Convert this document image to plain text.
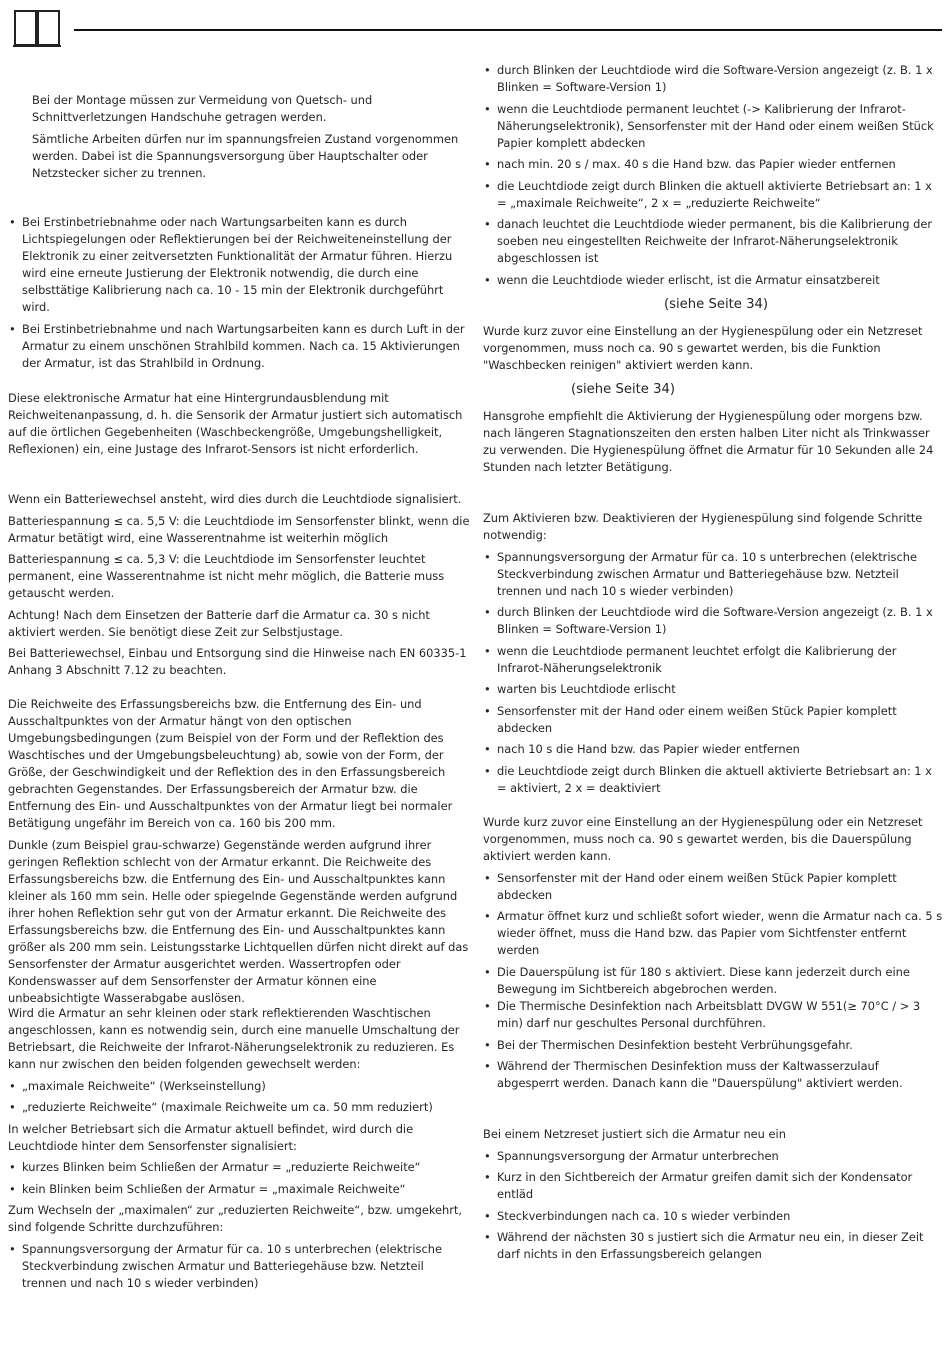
Bei der Montage müssen zur Vermeidung von Quetsch- und Schnittverletzungen Handschuhe getragen werden.

Sämtliche Arbeiten dürfen nur im spannungsfreien Zustand vorgenommen werden. Dabei ist die Spannungsversorgung über Hauptschalter oder Netzstecker sicher zu trennen.

• Bei Erstinbetriebnahme oder nach Wartungsarbeiten kann es durch Lichtspiegelungen oder Reflektierungen bei der Reichweiteneinstellung der Elektronik zu einer zeitversetzten Funktionalität der Armatur führen. Hierzu wird eine erneute Justierung der Elektronik notwendig, die durch eine selbsttätige Kalibrierung nach ca. 10 - 15 min der Elektronik durchgeführt wird.
• Bei Erstinbetriebnahme und nach Wartungsarbeiten kann es durch Luft in der Armatur zu einem unschönen Strahlbild kommen. Nach ca. 15 Aktivierungen der Armatur, ist das Strahlbild in Ordnung.

Diese elektronische Armatur hat eine Hintergrundausblendung mit Reichweitenanpassung, d. h. die Sensorik der Armatur justiert sich automatisch auf die örtlichen Gegebenheiten (Waschbeckengröße, Umgebungshelligkeit, Reflexionen) ein, eine Justage des Infrarot-Sensors ist nicht erforderlich.

Wenn ein Batteriewechsel ansteht, wird dies durch die Leuchtdiode signalisiert.

Batteriespannung ≤ ca. 5,5 V: die Leuchtdiode im Sensorfenster blinkt, wenn die Armatur betätigt wird, eine Wasserentnahme ist weiterhin möglich

Batteriespannung ≤ ca. 5,3 V: die Leuchtdiode im Sensorfenster leuchtet permanent, eine Wasserentnahme ist nicht mehr möglich, die Batterie muss getauscht werden.

Achtung! Nach dem Einsetzen der Batterie darf die Armatur ca. 30 s nicht aktiviert werden. Sie benötigt diese Zeit zur Selbstjustage.

Bei Batteriewechsel, Einbau und Entsorgung sind die Hinweise nach EN 60335-1 Anhang 3 Abschnitt 7.12 zu beachten.

Die Reichweite des Erfassungsbereichs bzw. die Entfernung des Ein- und Ausschaltpunktes von der Armatur hängt von den optischen Umgebungsbedingungen (zum Beispiel von der Form und der Reflektion des Waschtisches und der Umgebungsbeleuchtung) ab, sowie von der Form, der Größe, der Geschwindigkeit und der Reflektion des in den Erfassungsbereich gebrachten Gegenstandes. Der Erfassungsbereich der Armatur bzw. die Entfernung des Ein- und Ausschaltpunktes von der Armatur liegt bei normaler Betätigung ungefähr im Bereich von ca. 160 bis 200 mm.

Dunkle (zum Beispiel grau-schwarze) Gegenstände werden aufgrund ihrer geringen Reflektion schlecht von der Armatur erkannt. Die Reichweite des Erfassungsbereichs bzw. die Entfernung des Ein- und Ausschaltpunktes kann kleiner als 160 mm sein. Helle oder spiegelnde Gegenstände werden aufgrund ihrer hohen Reflektion sehr gut von der Armatur erkannt. Die Reichweite des Erfassungsbereichs bzw. die Entfernung des Ein- und Ausschaltpunktes kann größer als 200 mm sein. Leistungsstarke Lichtquellen dürfen nicht direkt auf das Sensorfenster der Armatur ausgerichtet werden. Wassertropfen oder Kondenswasser auf dem Sensorfenster der Armatur können eine unbeabsichtigte Wasserabgabe auslösen.

Wird die Armatur an sehr kleinen oder stark reflektierenden Waschtischen angeschlossen, kann es notwendig sein, durch eine manuelle Umschaltung der Betriebsart, die Reichweite der Infrarot-Näherungselektronik zu reduzieren. Es kann nur zwischen den beiden folgenden gewechselt werden:

• „maximale Reichweite“ (Werkseinstellung)
• „reduzierte Reichweite“ (maximale Reichweite um ca. 50 mm reduziert)

In welcher Betriebsart sich die Armatur aktuell befindet, wird durch die Leuchtdiode hinter dem Sensorfenster signalisiert:

• kurzes Blinken beim Schließen der Armatur = „reduzierte Reichweite“
• kein Blinken beim Schließen der Armatur = „maximale Reichweite“

Zum Wechseln der „maximalen“ zur „reduzierten Reichweite“, bzw. umgekehrt, sind folgende Schritte durchzuführen:

• Spannungsversorgung der Armatur für ca. 10 s unterbrechen (elektrische Steckverbindung zwischen Armatur und Batteriegehäuse bzw. Netzteil trennen und nach 10 s wieder verbinden)
• durch Blinken der Leuchtdiode wird die Software-Version angezeigt (z. B. 1 x Blinken = Software-Version 1)
• wenn die Leuchtdiode permanent leuchtet (-> Kalibrierung der Infrarot-Näherungselektronik), Sensorfenster mit der Hand oder einem weißen Stück Papier komplett abdecken
• nach min. 20 s / max. 40 s die Hand bzw. das Papier wieder entfernen
• die Leuchtdiode zeigt durch Blinken die aktuell aktivierte Betriebsart an: 1 x = „maximale Reichweite“, 2 x = „reduzierte Reichweite“
• danach leuchtet die Leuchtdiode wieder permanent, bis die Kalibrierung der soeben neu eingestellten Reichweite der Infrarot-Näherungselektronik abgeschlossen ist
• wenn die Leuchtdiode wieder erlischt, ist die Armatur einsatzbereit

(siehe Seite 34)

Wurde kurz zuvor eine Einstellung an der Hygienespülung oder ein Netzreset vorgenommen, muss noch ca. 90 s gewartet werden, bis die Funktion "Waschbecken reinigen" aktiviert werden kann.

(siehe Seite 34)

Hansgrohe empfiehlt die Aktivierung der Hygienespülung oder morgens bzw. nach längeren Stagnationszeiten den ersten halben Liter nicht als Trinkwasser zu verwenden. Die Hygienespülung öffnet die Armatur für 10 Sekunden alle 24 Stunden nach letzter Betätigung.

Zum Aktivieren bzw. Deaktivieren der Hygienespülung sind folgende Schritte notwendig:

• Spannungsversorgung der Armatur für ca. 10 s unterbrechen (elektrische Steckverbindung zwischen Armatur und Batteriegehäuse bzw. Netzteil trennen und nach 10 s wieder verbinden)
• durch Blinken der Leuchtdiode wird die Software-Version angezeigt (z. B. 1 x Blinken = Software-Version 1)
• wenn die Leuchtdiode permanent leuchtet erfolgt die Kalibrierung der Infrarot-Näherungselektronik
• warten bis Leuchtdiode erlischt
• Sensorfenster mit der Hand oder einem weißen Stück Papier komplett abdecken
• nach 10 s die Hand bzw. das Papier wieder entfernen
• die Leuchtdiode zeigt durch Blinken die aktuell aktivierte Betriebsart an: 1 x = aktiviert, 2 x = deaktiviert

Wurde kurz zuvor eine Einstellung an der Hygienespülung oder ein Netzreset vorgenommen, muss noch ca. 90 s gewartet werden, bis die Dauerspülung aktiviert werden kann.

• Sensorfenster mit der Hand oder einem weißen Stück Papier komplett abdecken
• Armatur öffnet kurz und schließt sofort wieder, wenn die Armatur nach ca. 5 s wieder öffnet, muss die Hand bzw. das Papier vom Sichtfenster entfernt werden
• Die Dauerspülung ist für 180 s aktiviert. Diese kann jederzeit durch eine Bewegung im Sichtbereich abgebrochen werden.
• Die Thermische Desinfektion nach Arbeitsblatt DVGW W 551(≥ 70°C / > 3 min) darf nur geschultes Personal durchführen.
• Bei der Thermischen Desinfektion besteht Verbrühungsgefahr.
• Während der Thermischen Desinfektion muss der Kaltwasserzulauf abgesperrt werden. Danach kann die "Dauerspülung" aktiviert werden.

Bei einem Netzreset justiert sich die Armatur neu ein

• Spannungsversorgung der Armatur unterbrechen
• Kurz in den Sichtbereich der Armatur greifen damit sich der Kondensator entläd
• Steckverbindungen nach ca. 10 s wieder verbinden
• Während der nächsten 30 s justiert sich die Armatur neu ein, in dieser Zeit darf nichts in den Erfassungsbereich gelangen
